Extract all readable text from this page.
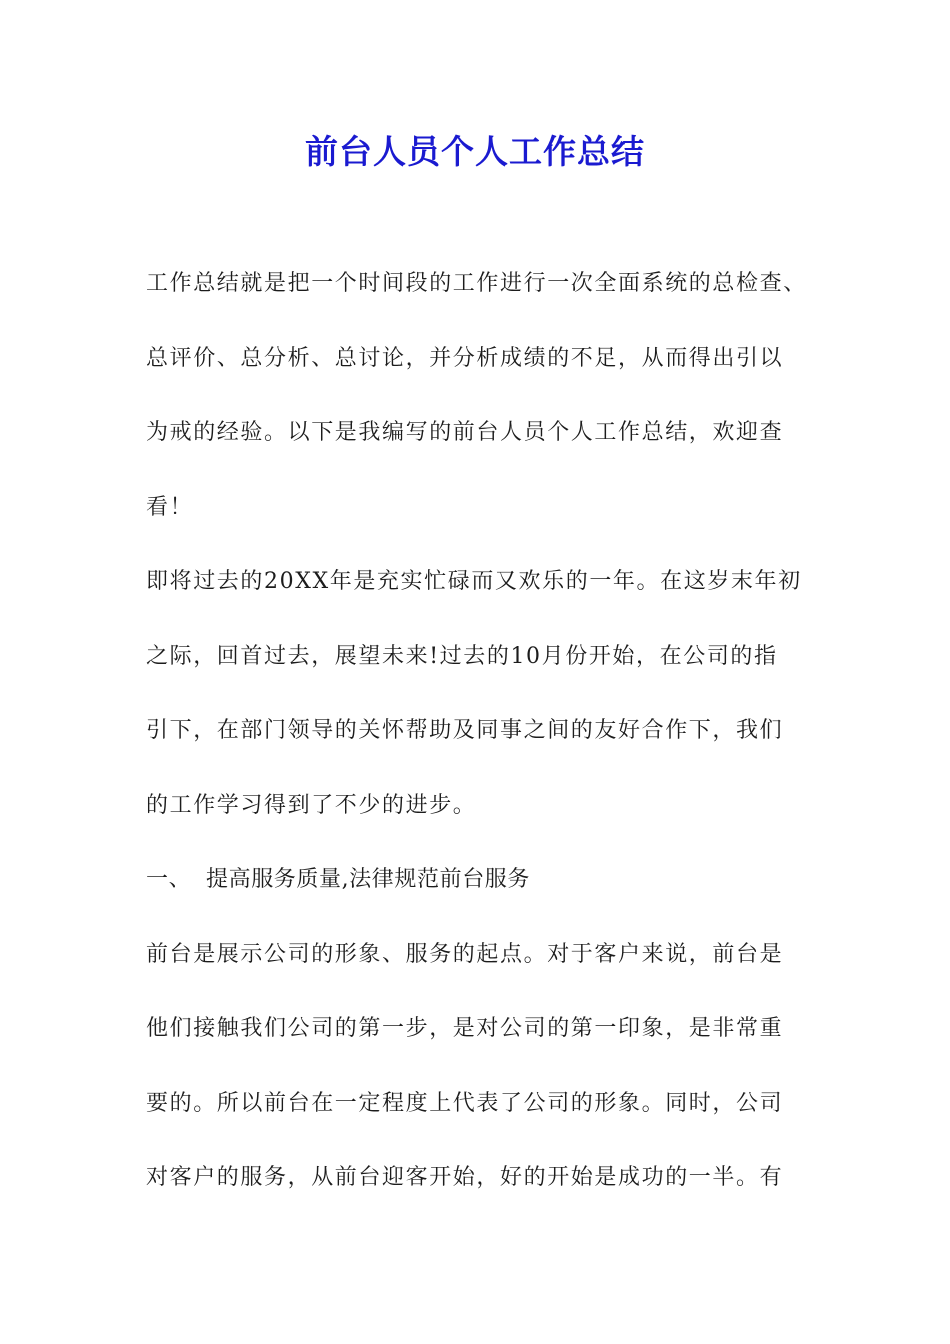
前台人员个人工作总结
工作总结就是把一个时间段的工作进行一次全面系统的总检查、
总评价、总分析、总讨论，并分析成绩的不足，从而得出引以
为戒的经验。以下是我编写的前台人员个人工作总结，欢迎查
看！
即将过去的20XX年是充实忙碌而又欢乐的一年。在这岁末年初
之际，回首过去，展望未来!过去的10月份开始，在公司的指
引下，在部门领导的关怀帮助及同事之间的友好合作下，我们
的工作学习得到了不少的进步。
一、 提高服务质量,法律规范前台服务
前台是展示公司的形象、服务的起点。对于客户来说，前台是
他们接触我们公司的第一步，是对公司的第一印象，是非常重
要的。所以前台在一定程度上代表了公司的形象。同时，公司
对客户的服务，从前台迎客开始，好的开始是成功的一半。有
